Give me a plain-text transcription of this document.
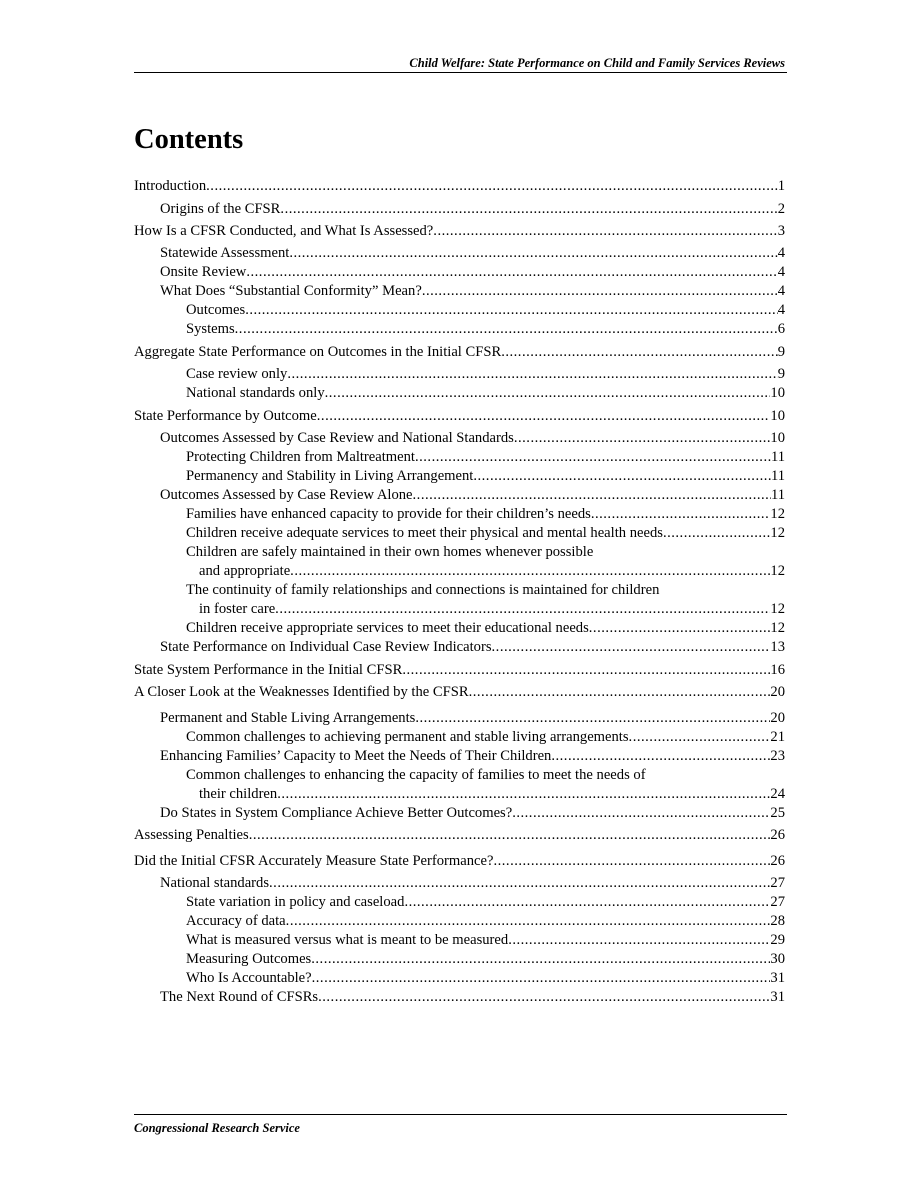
Child Welfare: State Performance on Child and Family Services Reviews
Contents
Introduction .....	1
Origins of the CFSR .....	2
How Is a CFSR Conducted, and What Is Assessed? .....	3
Statewide Assessment .....	4
Onsite Review .....	4
What Does “Substantial Conformity” Mean? .....	4
Outcomes .....	4
Systems .....	6
Aggregate State Performance on Outcomes in the Initial CFSR .....	9
Case review only .....	9
National standards only .....	10
State Performance by Outcome .....	10
Outcomes Assessed by Case Review and National Standards .....	10
Protecting Children from Maltreatment .....	11
Permanency and Stability in Living Arrangement .....	11
Outcomes Assessed by Case Review Alone .....	11
Families have enhanced capacity to provide for their children’s needs .....	12
Children receive adequate services to meet their physical and mental health needs .....	12
Children are safely maintained in their own homes whenever possible
and appropriate .....	12
The continuity of family relationships and connections is maintained for children
in foster care .....	12
Children receive appropriate services to meet their educational needs .....	12
State Performance on Individual Case Review Indicators .....	13
State System Performance in the Initial CFSR .....	16
A Closer Look at the Weaknesses Identified by the CFSR .....	20
Permanent and Stable Living Arrangements .....	20
Common challenges to achieving permanent and stable living arrangements .....	21
Enhancing Families’ Capacity to Meet the Needs of Their Children .....	23
Common challenges to enhancing the capacity of families to meet the needs of
their children .....	24
Do States in System Compliance Achieve Better Outcomes? .....	25
Assessing Penalties .....	26
Did the Initial CFSR Accurately Measure State Performance? .....	26
National standards .....	27
State variation in policy and caseload .....	27
Accuracy of data .....	28
What is measured versus what is meant to be measured .....	29
Measuring Outcomes .....	30
Who Is Accountable? .....	31
The Next Round of CFSRs .....	31
Congressional Research Service
